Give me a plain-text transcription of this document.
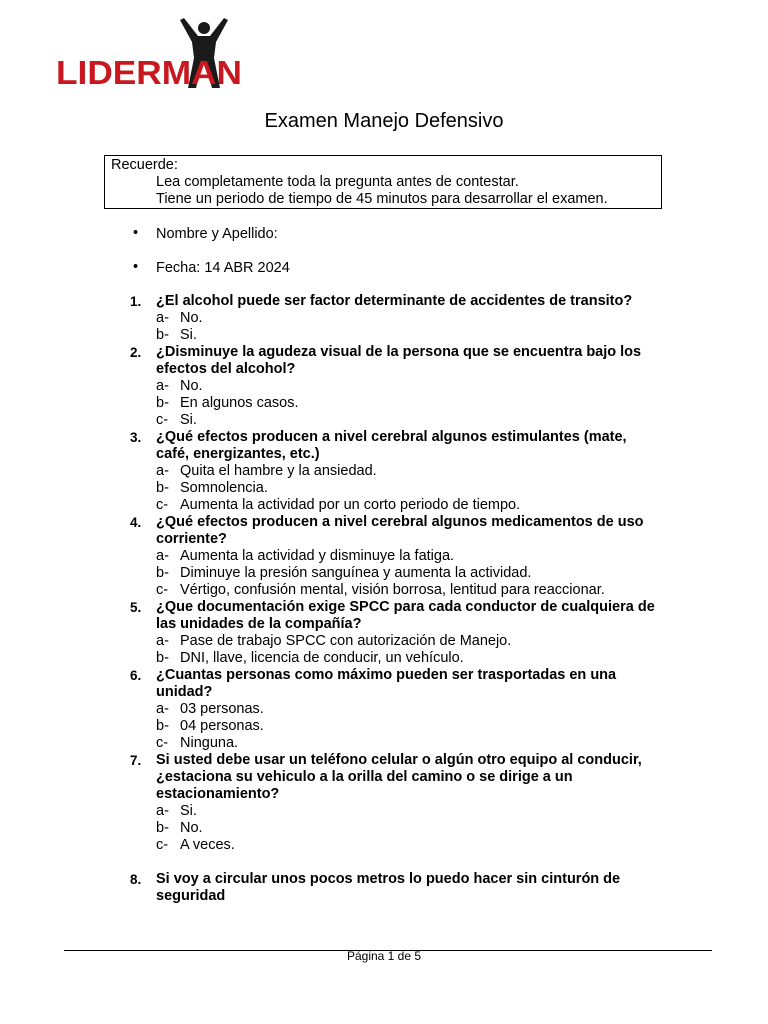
LIDERMAN
Examen Manejo Defensivo
Recuerde:
Lea completamente toda la pregunta antes de contestar.
Tiene un periodo de tiempo de 45 minutos para desarrollar el examen.
• Nombre y Apellido:
• Fecha: 14 ABR 2024
1. ¿El alcohol puede ser factor determinante de accidentes de transito?
a- No.
b- Si.
2. ¿Disminuye la agudeza visual de la persona que se encuentra bajo los efectos del alcohol?
a- No.
b- En algunos casos.
c- Si.
3. ¿Qué efectos producen a nivel cerebral algunos estimulantes (mate, café, energizantes, etc.)
a- Quita el hambre y la ansiedad.
b- Somnolencia.
c- Aumenta la actividad por un corto periodo de tiempo.
4. ¿Qué efectos producen a nivel cerebral algunos medicamentos de uso corriente?
a- Aumenta la actividad y disminuye la fatiga.
b- Diminuye la presión sanguínea y aumenta la actividad.
c- Vértigo, confusión mental, visión borrosa, lentitud para reaccionar.
5. ¿Que documentación exige SPCC para cada conductor de cualquiera de las unidades de la compañía?
a- Pase de trabajo SPCC con autorización de Manejo.
b- DNI, llave, licencia de conducir, un vehículo.
6. ¿Cuantas personas como máximo pueden ser trasportadas en una unidad?
a- 03 personas.
b- 04 personas.
c- Ninguna.
7. Si usted debe usar un teléfono celular o algún otro equipo al conducir, ¿estaciona su vehiculo a la orilla del camino o se dirige a un estacionamiento?
a- Si.
b- No.
c- A veces.
8. Si voy a circular unos pocos metros lo puedo hacer sin cinturón de seguridad
Página 1 de 5
